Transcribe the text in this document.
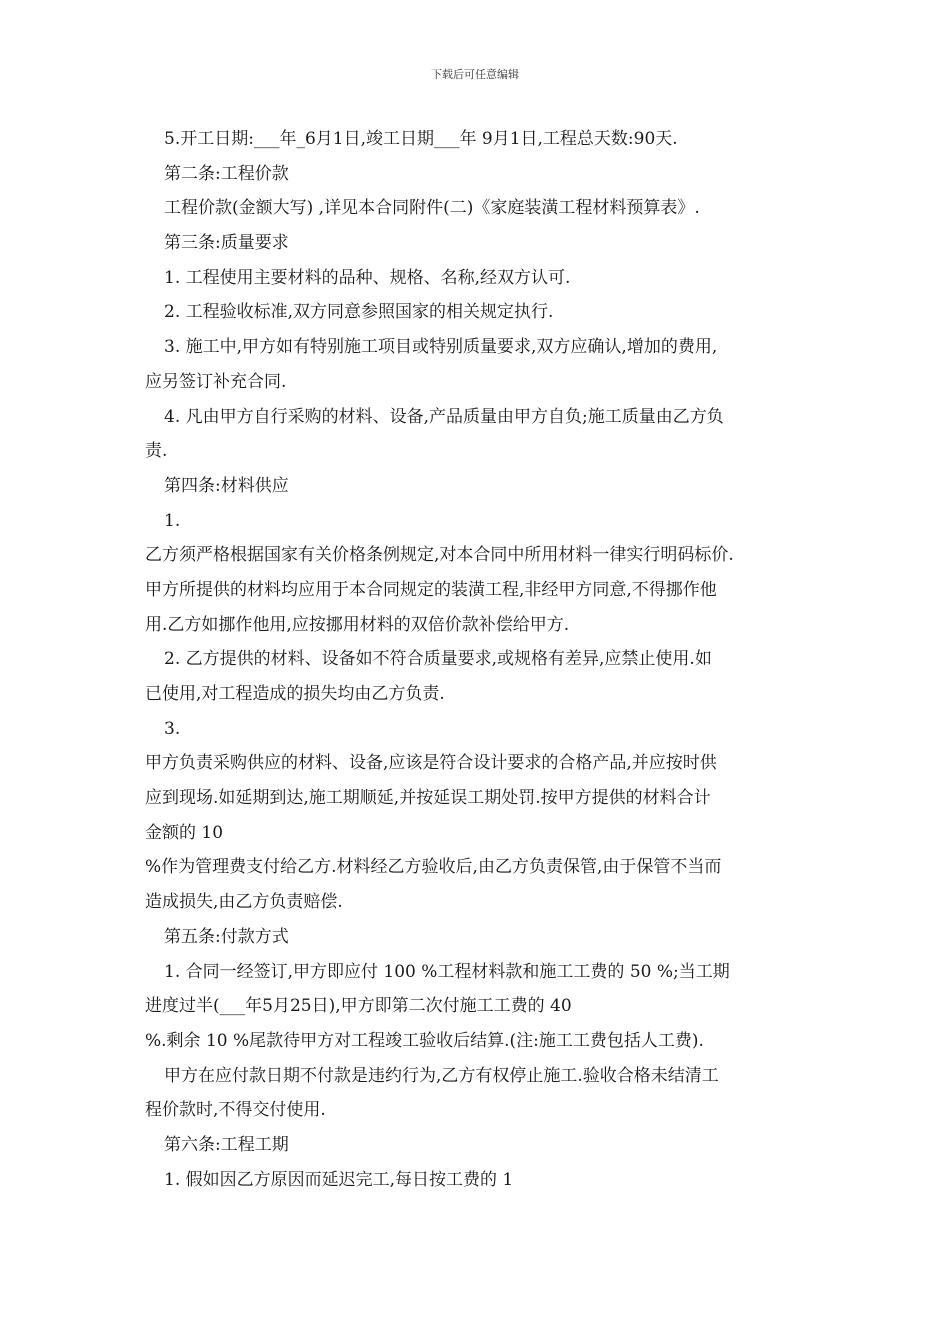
下载后可任意编辑
5.开工日期:___年_6月1日,竣工日期___年 9月1日,工程总天数:90天.
第二条:工程价款
工程价款(金额大写) ,详见本合同附件(二)《家庭装潢工程材料预算表》.
第三条:质量要求
1. 工程使用主要材料的品种、规格、名称,经双方认可.
2. 工程验收标准,双方同意参照国家的相关规定执行.
3. 施工中,甲方如有特别施工项目或特别质量要求,双方应确认,增加的费用,
应另签订补充合同.
4. 凡由甲方自行采购的材料、设备,产品质量由甲方自负;施工质量由乙方负
责.
第四条:材料供应
1.
乙方须严格根据国家有关价格条例规定,对本合同中所用材料一律实行明码标价.
甲方所提供的材料均应用于本合同规定的装潢工程,非经甲方同意,不得挪作他
用.乙方如挪作他用,应按挪用材料的双倍价款补偿给甲方.
2. 乙方提供的材料、设备如不符合质量要求,或规格有差异,应禁止使用.如
已使用,对工程造成的损失均由乙方负责.
3.
甲方负责采购供应的材料、设备,应该是符合设计要求的合格产品,并应按时供
应到现场.如延期到达,施工期顺延,并按延误工期处罚.按甲方提供的材料合计
金额的 10
%作为管理费支付给乙方.材料经乙方验收后,由乙方负责保管,由于保管不当而
造成损失,由乙方负责赔偿.
第五条:付款方式
1. 合同一经签订,甲方即应付 100 %工程材料款和施工工费的 50 %;当工期
进度过半(___年5月25日),甲方即第二次付施工工费的 40
%.剩余 10 %尾款待甲方对工程竣工验收后结算.(注:施工工费包括人工费).
甲方在应付款日期不付款是违约行为,乙方有权停止施工.验收合格未结清工
程价款时,不得交付使用.
第六条:工程工期
1. 假如因乙方原因而延迟完工,每日按工费的 1
